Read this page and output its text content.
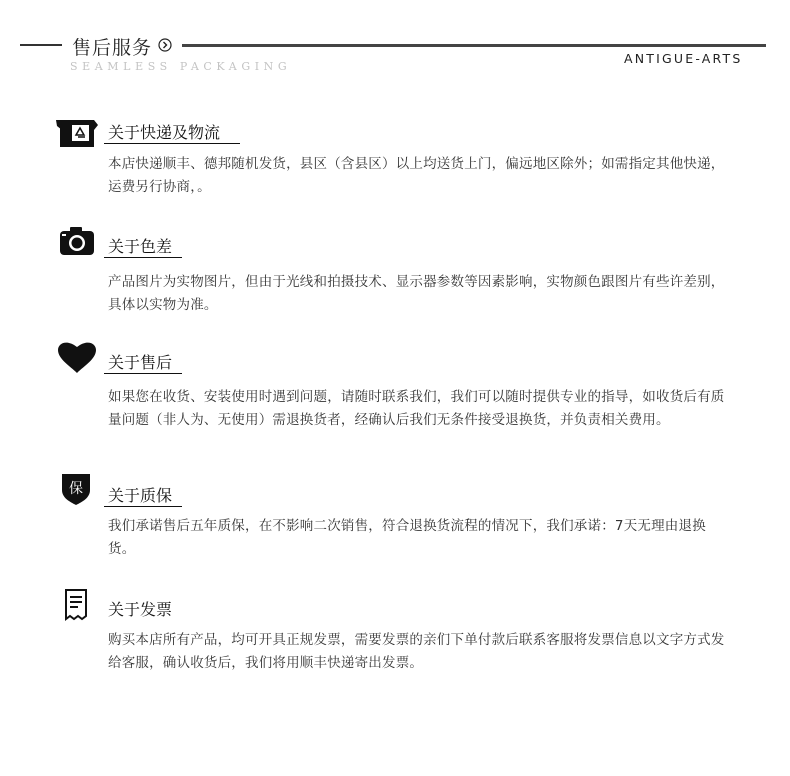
售后服务
SEAMLESS PACKAGING
ANTIGUE-ARTS
关于快递及物流
本店快递顺丰、德邦随机发货，县区（含县区）以上均送货上门，偏远地区除外；如需指定其他快递，运费另行协商，。
关于色差
产品图片为实物图片，但由于光线和拍摄技术、显示器参数等因素影响，实物颜色跟图片有些许差别，具体以实物为准。
关于售后
如果您在收货、安装使用时遇到问题，请随时联系我们，我们可以随时提供专业的指导，如收货后有质量问题（非人为、无使用）需退换货者，经确认后我们无条件接受退换货，并负责相关费用。
保 关于质保
我们承诺售后五年质保，在不影响二次销售，符合退换货流程的情况下，我们承诺：7天无理由退换货。
关于发票
购买本店所有产品，均可开具正规发票，需要发票的亲们下单付款后联系客服将发票信息以文字方式发给客服，确认收货后，我们将用顺丰快递寄出发票。
